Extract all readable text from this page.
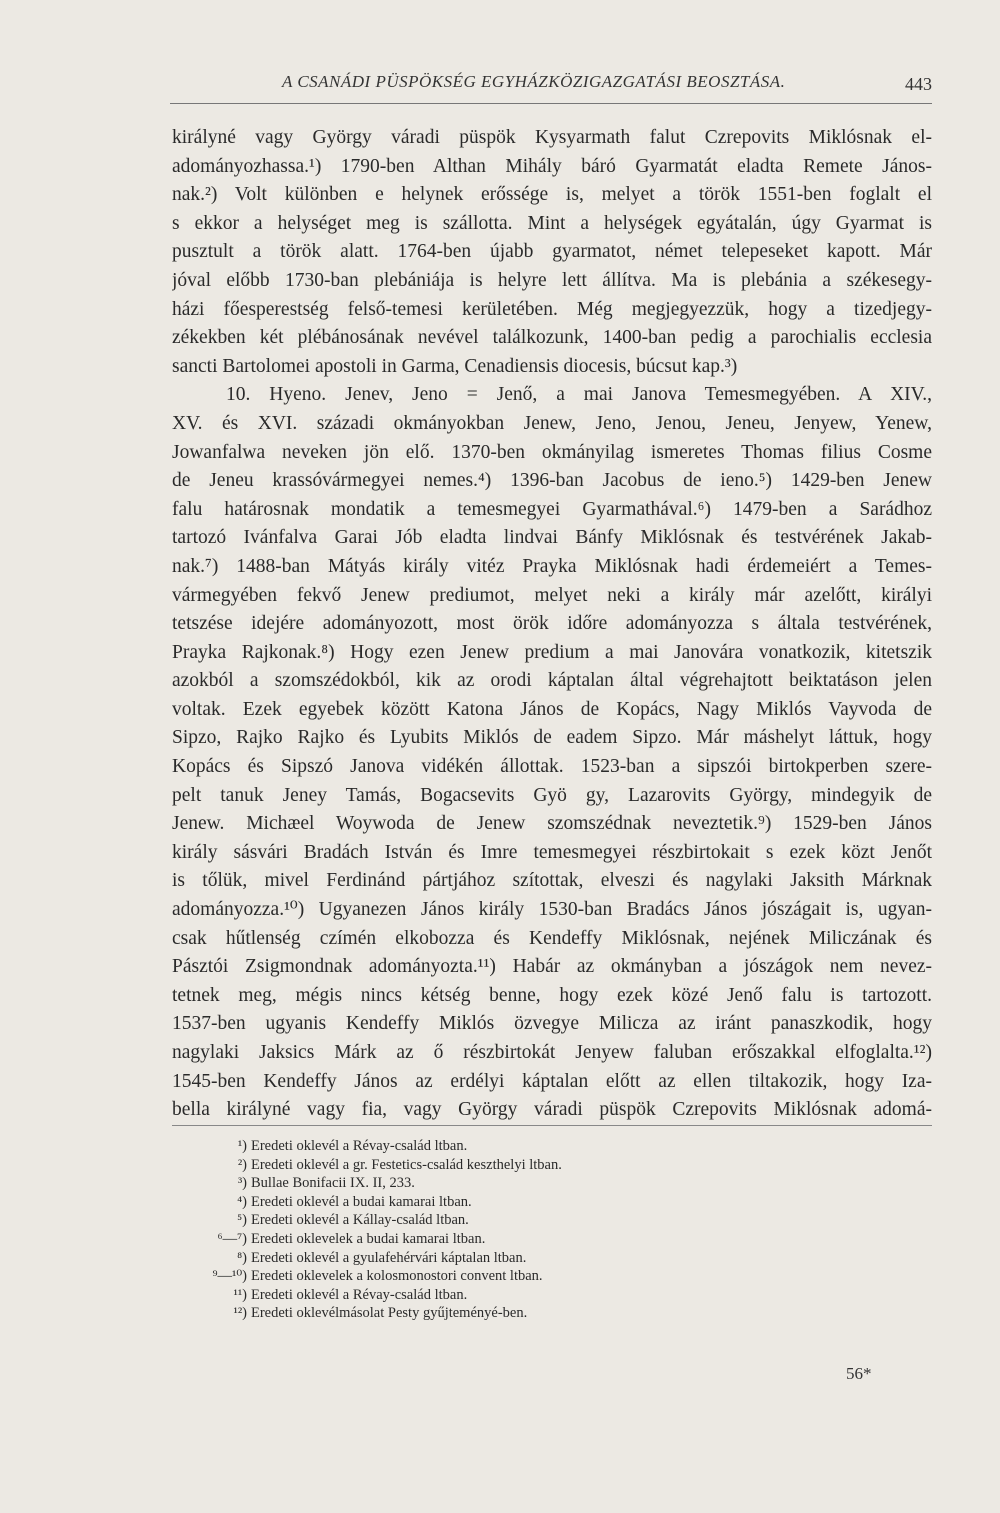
A CSANÁDI PÜSPÖKSÉG EGYHÁZKÖZIGAZGATÁSI BEOSZTÁSA.	443
királyné vagy György váradi püspök Kysyarmath falut Czrepovits Miklósnak el-
adományozhassa.¹) 1790-ben Althan Mihály báró Gyarmatát eladta Remete János-
nak.²) Volt különben e helynek erőssége is, melyet a török 1551-ben foglalt el
s ekkor a helységet meg is szállotta. Mint a helységek egyátalán, úgy Gyarmat is
pusztult a török alatt. 1764-ben újabb gyarmatot, német telepeseket kapott. Már
jóval előbb 1730-ban plebániája is helyre lett állítva. Ma is plebánia a székesegy-
házi főesperestség felső-temesi kerületében. Még megjegyezzük, hogy a tizedjegy-
zékekben két plébánosának nevével találkozunk, 1400-ban pedig a parochialis ecclesia
sancti Bartolomei apostoli in Garma, Cenadiensis diocesis, búcsut kap.³)
10. Hyeno. Jenev, Jeno = Jenő, a mai Janova Temesmegyében. A XIV.,
XV. és XVI. századi okmányokban Jenew, Jeno, Jenou, Jeneu, Jenyew, Yenew,
Jowanfalwa neveken jön elő. 1370-ben okmányilag ismeretes Thomas filius Cosme
de Jeneu krassóvármegyei nemes.⁴) 1396-ban Jacobus de ieno.⁵) 1429-ben Jenew
falu határosnak mondatik a temesmegyei Gyarmathával.⁶) 1479-ben a Sarádhoz
tartozó Ivánfalva Garai Jób eladta lindvai Bánfy Miklósnak és testvérének Jakab-
nak.⁷) 1488-ban Mátyás király vitéz Prayka Miklósnak hadi érdemeiért a Temes-
vármegyében fekvő Jenew prediumot, melyet neki a király már azelőtt, királyi
tetszése idejére adományozott, most örök időre adományozza s általa testvérének,
Prayka Rajkonak.⁸) Hogy ezen Jenew predium a mai Janovára vonatkozik, kitetszik
azokból a szomszédokból, kik az orodi káptalan által végrehajtott beiktatáson jelen
voltak. Ezek egyebek között Katona János de Kopács, Nagy Miklós Vayvoda de
Sipzo, Rajko Rajko és Lyubits Miklós de eadem Sipzo. Már máshelyt láttuk, hogy
Kopács és Sipszó Janova vidékén állottak. 1523-ban a sipszói birtokperben szere-
pelt tanuk Jeney Tamás, Bogacsevits Gyö gy, Lazarovits György, mindegyik de
Jenew. Michæel Woywoda de Jenew szomszédnak neveztetik.⁹) 1529-ben János
király sásvári Bradách István és Imre temesmegyei részbirtokait s ezek közt Jenőt
is tőlük, mivel Ferdinánd pártjához szítottak, elveszi és nagylaki Jaksith Márknak
adományozza.¹⁰) Ugyanezen János király 1530-ban Bradács János jószágait is, ugyan-
csak hűtlenség czímén elkobozza és Kendeffy Miklósnak, nejének Miliczának és
Pásztói Zsigmondnak adományozta.¹¹) Habár az okmányban a jószágok nem nevez-
tetnek meg, mégis nincs kétség benne, hogy ezek közé Jenő falu is tartozott.
1537-ben ugyanis Kendeffy Miklós özvegye Milicza az iránt panaszkodik, hogy
nagylaki Jaksics Márk az ő részbirtokát Jenyew faluban erőszakkal elfoglalta.¹²)
1545-ben Kendeffy János az erdélyi káptalan előtt az ellen tiltakozik, hogy Iza-
bella királyné vagy fia, vagy György váradi püspök Czrepovits Miklósnak adomá-
¹) Eredeti oklevél a Révay-család ltban.
²) Eredeti oklevél a gr. Festetics-család keszthelyi ltban.
³) Bullae Bonifacii IX. II, 233.
⁴) Eredeti oklevél a budai kamarai ltban.
⁵) Eredeti oklevél a Kállay-család ltban.
⁶—⁷) Eredeti oklevelek a budai kamarai ltban.
⁸) Eredeti oklevél a gyulafehérvári káptalan ltban.
⁹—¹⁰) Eredeti oklevelek a kolosmonostori convent ltban.
¹¹) Eredeti oklevél a Révay-család ltban.
¹²) Eredeti oklevélmásolat Pesty gyűjteményé-ben.
56*
